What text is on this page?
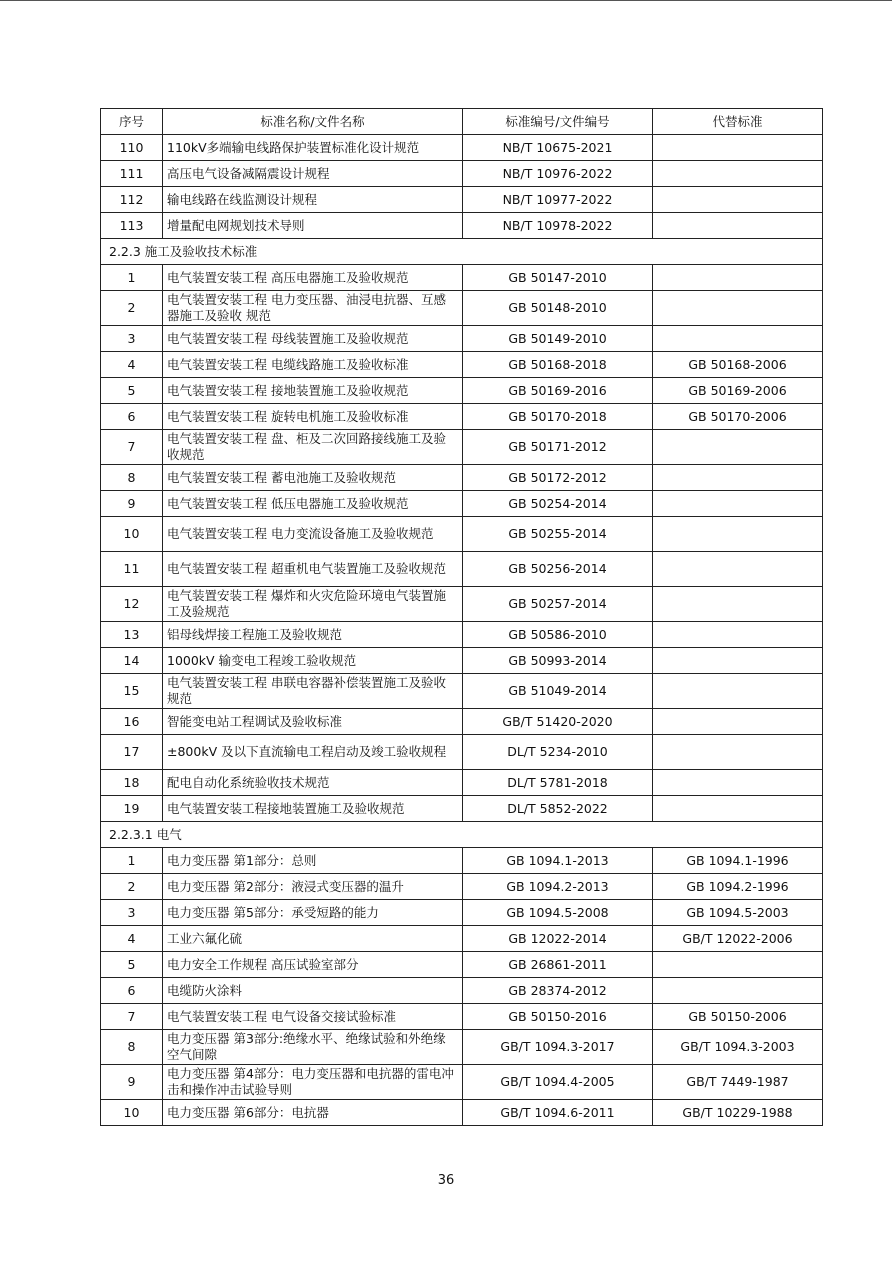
序号	标准名称/文件名称	标准编号/文件编号	代替标准
110	110kV多端输电线路保护装置标准化设计规范	NB/T 10675-2021	
111	高压电气设备减隔震设计规程	NB/T 10976-2022	
112	输电线路在线监测设计规程	NB/T 10977-2022	
113	增量配电网规划技术导则	NB/T 10978-2022	
2.2.3 施工及验收技术标准			
1	电气装置安装工程 高压电器施工及验收规范	GB 50147-2010	
2	电气装置安装工程 电力变压器、油浸电抗器、互感器施工及验收 规范	GB 50148-2010	
3	电气装置安装工程 母线装置施工及验收规范	GB 50149-2010	
4	电气装置安装工程 电缆线路施工及验收标准	GB 50168-2018	GB 50168-2006
5	电气装置安装工程 接地装置施工及验收规范	GB 50169-2016	GB 50169-2006
6	电气装置安装工程 旋转电机施工及验收标准	GB 50170-2018	GB 50170-2006
7	电气装置安装工程 盘、柜及二次回路接线施工及验收规范	GB 50171-2012	
8	电气装置安装工程 蓄电池施工及验收规范	GB 50172-2012	
9	电气装置安装工程 低压电器施工及验收规范	GB 50254-2014	
10	电气装置安装工程 电力变流设备施工及验收规范	GB 50255-2014	
11	电气装置安装工程 超重机电气装置施工及验收规范	GB 50256-2014	
12	电气装置安装工程 爆炸和火灾危险环境电气装置施工及验规范	GB 50257-2014	
13	铝母线焊接工程施工及验收规范	GB 50586-2010	
14	1000kV 输变电工程竣工验收规范	GB 50993-2014	
15	电气装置安装工程 串联电容器补偿装置施工及验收规范	GB 51049-2014	
16	智能变电站工程调试及验收标准	GB/T 51420-2020	
17	±800kV 及以下直流输电工程启动及竣工验收规程	DL/T 5234-2010	
18	配电自动化系统验收技术规范	DL/T 5781-2018	
19	电气装置安装工程接地装置施工及验收规范	DL/T 5852-2022	
2.2.3.1 电气			
1	电力变压器 第1部分：总则	GB 1094.1-2013	GB 1094.1-1996
2	电力变压器 第2部分：液浸式变压器的温升	GB 1094.2-2013	GB 1094.2-1996
3	电力变压器 第5部分：承受短路的能力	GB 1094.5-2008	GB 1094.5-2003
4	工业六氟化硫	GB 12022-2014	GB/T 12022-2006
5	电力安全工作规程 高压试验室部分	GB 26861-2011	
6	电缆防火涂料	GB 28374-2012	
7	电气装置安装工程 电气设备交接试验标准	GB 50150-2016	GB 50150-2006
8	电力变压器 第3部分:绝缘水平、绝缘试验和外绝缘空气间隙	GB/T 1094.3-2017	GB/T 1094.3-2003
9	电力变压器 第4部分：电力变压器和电抗器的雷电冲击和操作冲击试验导则	GB/T 1094.4-2005	GB/T 7449-1987
10	电力变压器 第6部分：电抗器	GB/T 1094.6-2011	GB/T 10229-1988
36
